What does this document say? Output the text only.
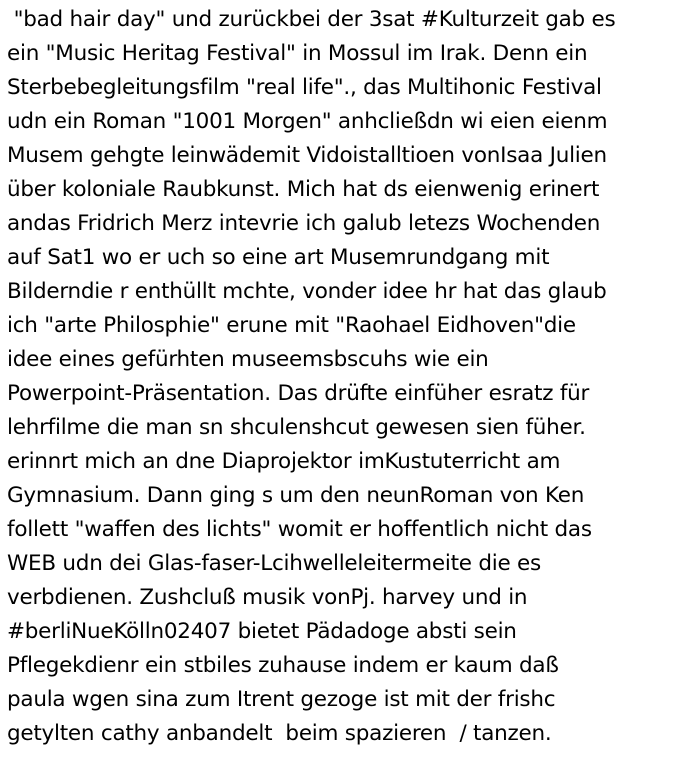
"bad hair day" und zurückbei der 3sat #Kulturzeit gab es
ein "Music Heritag Festival" in Mossul im Irak. Denn ein
Sterbebegleitungsfilm "real life"., das Multihonic Festival
udn ein Roman "1001 Morgen" anhcließdn wi eien eienm
Musem gehgte leinwädemit Vidoistalltioen vonIsaa Julien
über koloniale Raubkunst. Mich hat ds eienwenig erinert
andas Fridrich Merz intevrie ich galub letezs Wochenden
auf Sat1 wo er uch so eine art Musemrundgang mit
Bilderndie r enthüllt mchte, vonder idee hr hat das glaub
ich "arte Philosphie" erune mit "Raohael Eidhoven"die
idee eines gefürhten museemsbscuhs wie ein
Powerpoint-Präsentation. Das drüfte einfüher esratz für
lehrfilme die man sn shculenshcut gewesen sien füher.
erinnrt mich an dne Diaprojektor imKustuterricht am
Gymnasium. Dann ging s um den neunRoman von Ken
follett "waffen des lichts" womit er hoffentlich nicht das
WEB udn dei Glas-faser-Lcihwelleleitermeite die es
verbdienen. Zushcluß musik vonPj. harvey und in
#berliNueKölln02407 bietet Pädadoge absti sein
Pflegekdienr ein stbiles zuhause indem er kaum daß
paula wgen sina zum Itrent gezoge ist mit der frishc
getylten cathy anbandelt  beim spazieren  / tanzen.
